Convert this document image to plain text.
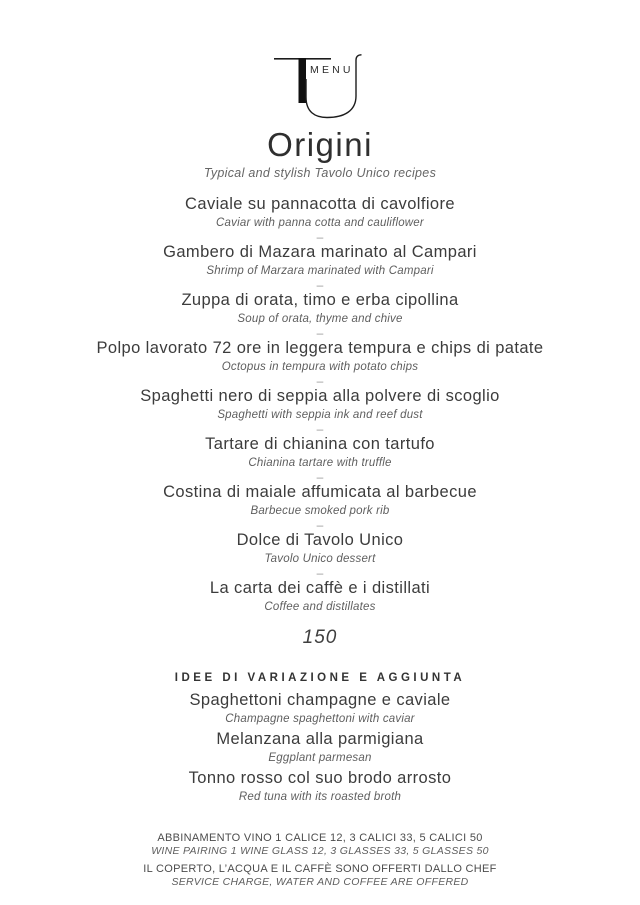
MENU
Origini
Typical and stylish Tavolo Unico recipes
Caviale su pannacotta di cavolfiore
Caviar with panna cotta and cauliflower
–
Gambero di Mazara marinato al Campari
Shrimp of Marzara marinated with Campari
–
Zuppa di orata, timo e erba cipollina
Soup of orata, thyme and chive
–
Polpo lavorato 72 ore in leggera tempura e chips di patate
Octopus in tempura with potato chips
–
Spaghetti nero di seppia alla polvere di scoglio
Spaghetti with seppia ink and reef dust
–
Tartare di chianina con tartufo
Chianina tartare with truffle
–
Costina di maiale affumicata al barbecue
Barbecue smoked pork rib
–
Dolce di Tavolo Unico
Tavolo Unico dessert
–
La carta dei caffè e i distillati
Coffee and distillates
150
IDEE DI VARIAZIONE E AGGIUNTA
Spaghettoni champagne e caviale
Champagne spaghettoni with caviar
Melanzana alla parmigiana
Eggplant parmesan
Tonno rosso col suo brodo arrosto
Red tuna with its roasted broth
ABBINAMENTO VINO 1 CALICE 12, 3 CALICI 33, 5 CALICI 50
WINE PAIRING 1 WINE GLASS 12, 3 GLASSES 33, 5 GLASSES 50
IL COPERTO, L’ACQUA E IL CAFFÈ SONO OFFERTI DALLO CHEF
SERVICE CHARGE, WATER AND COFFEE ARE OFFERED
